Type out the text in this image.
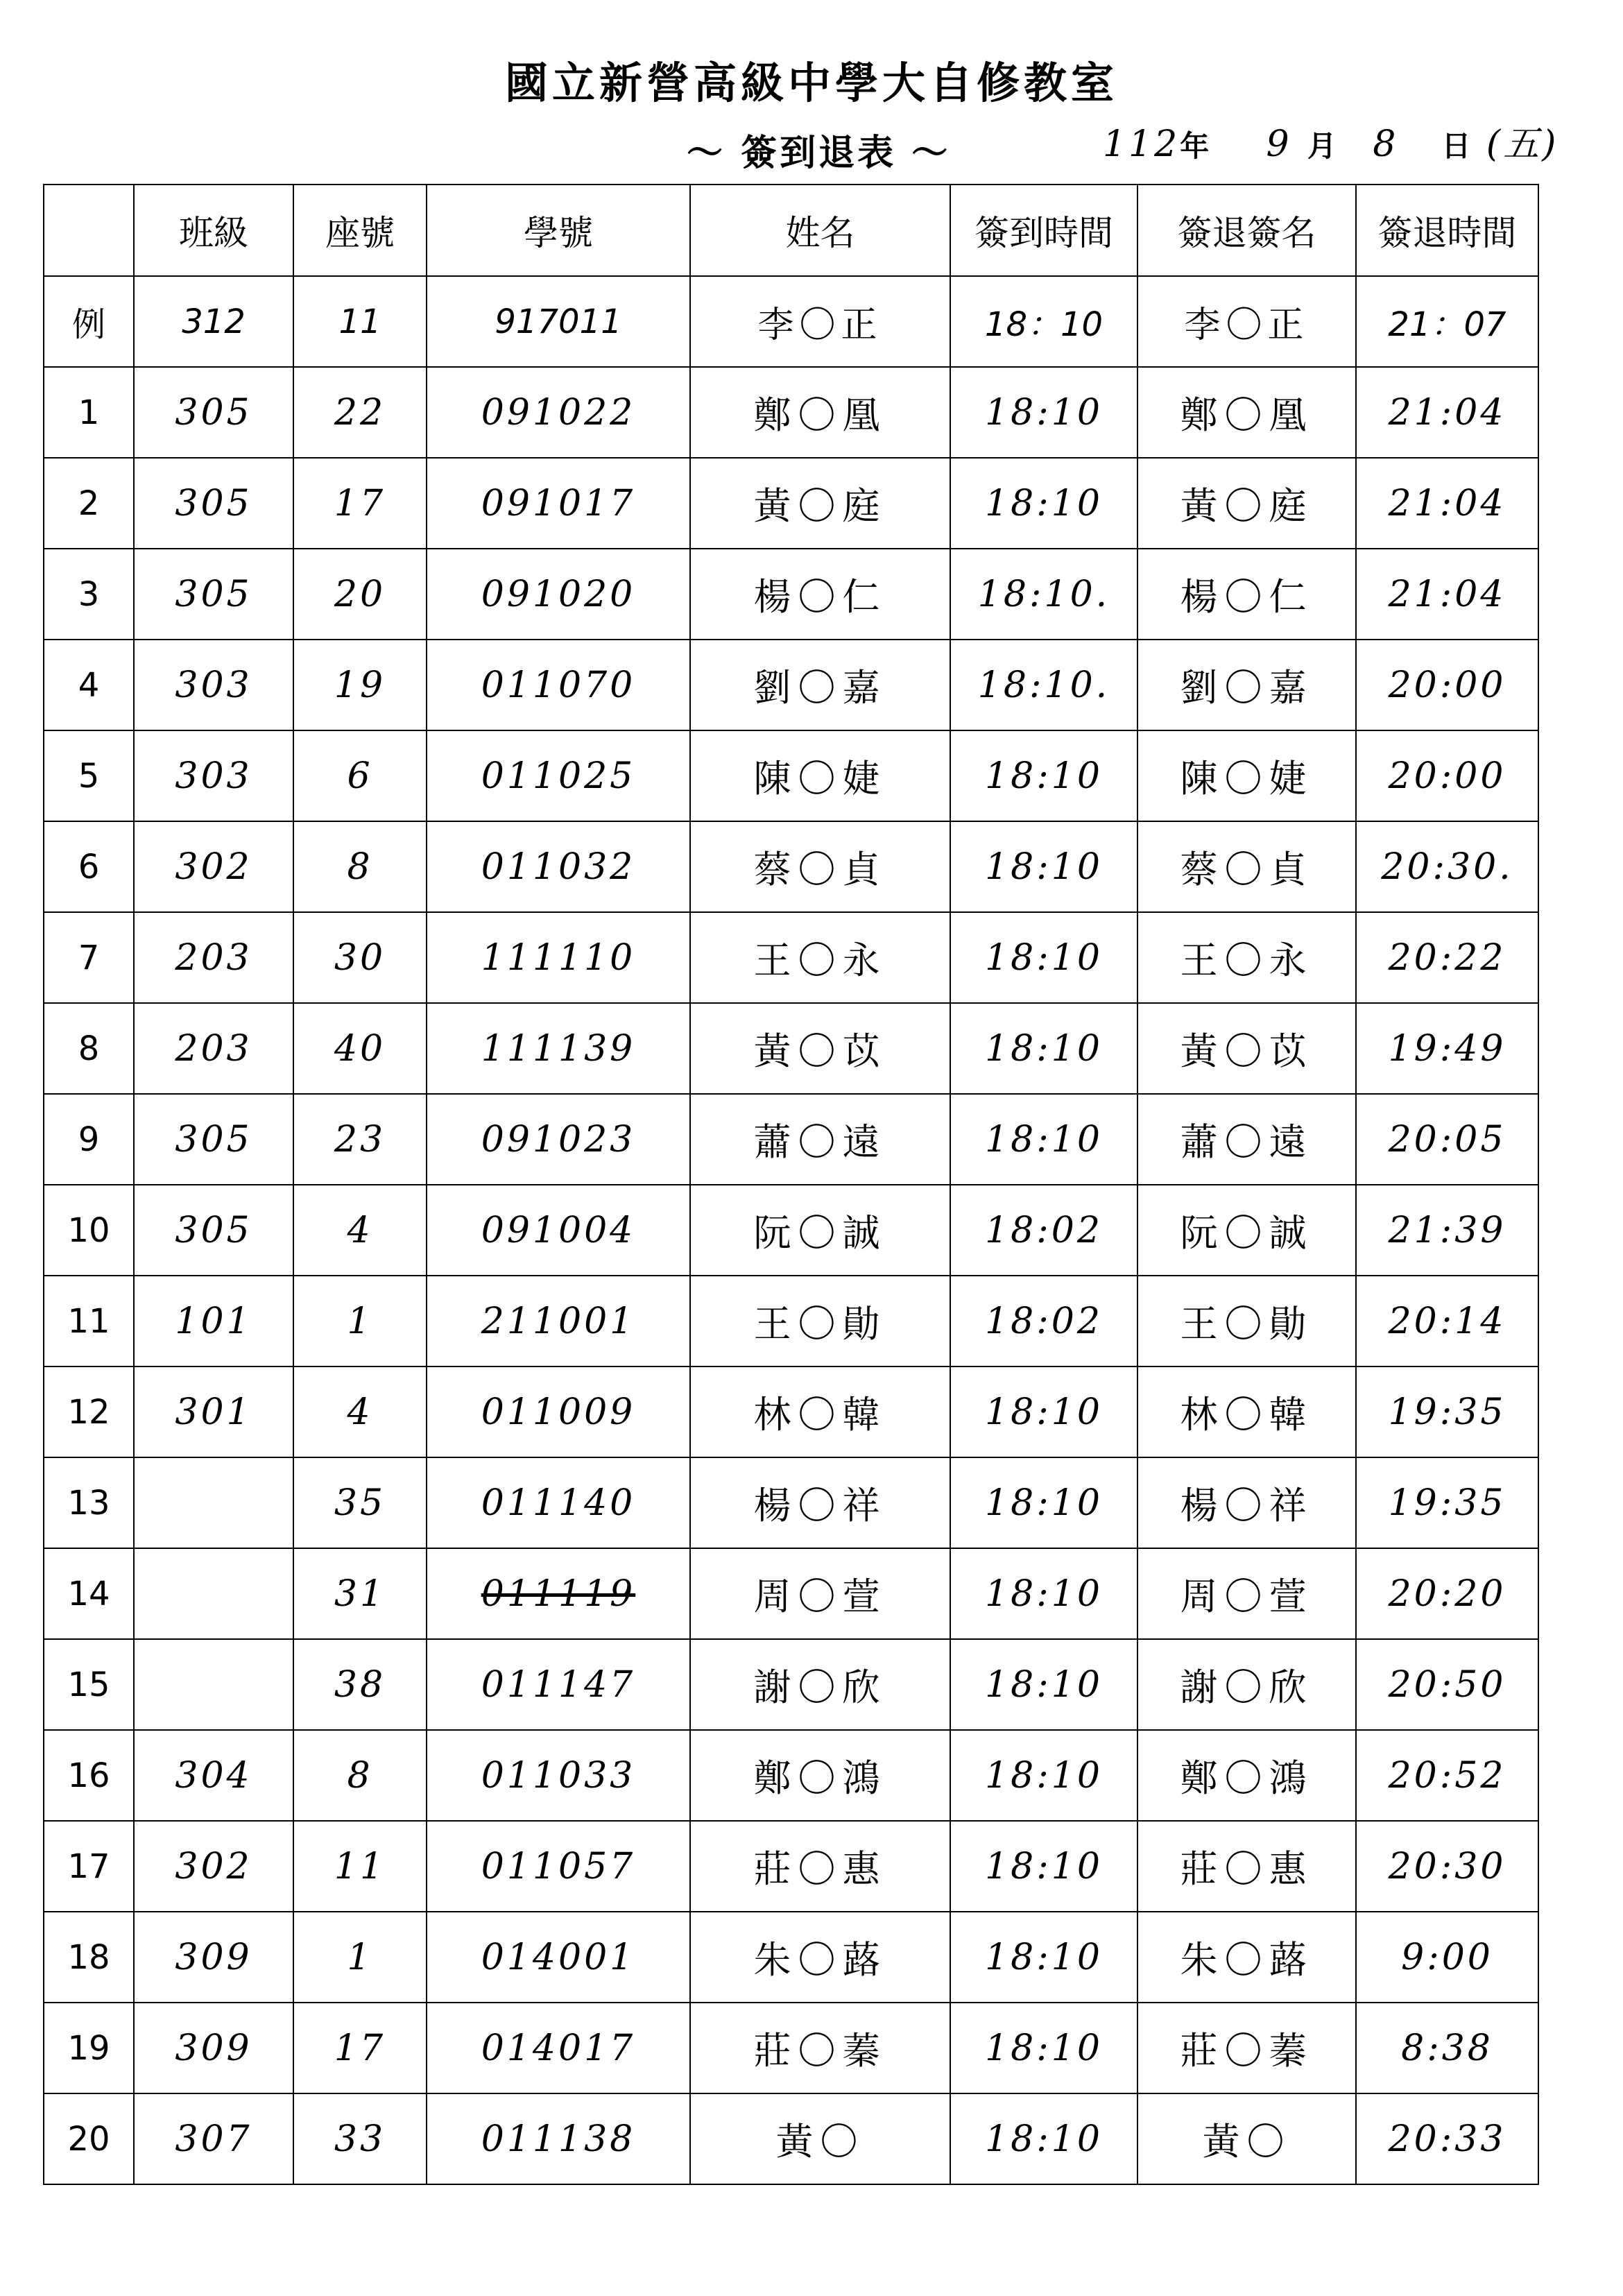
國立新營高級中學大自修教室
～ 簽到退表 ～	112年 9 月 8 日 (五)
	班級	座號	學號	姓名	簽到時間	簽退簽名	簽退時間
例	312	11	917011	李〇正	18：10	李〇正	21：07
1	305	22	091022	鄭〇凰	18:10	鄭〇凰	21:04
2	305	17	091017	黃〇庭	18:10	黃〇庭	21:04
3	305	20	091020	楊〇仁	18:10.	楊〇仁	21:04
4	303	19	011070	劉〇嘉	18:10.	劉〇嘉	20:00
5	303	6	011025	陳〇婕	18:10	陳〇婕	20:00
6	302	8	011032	蔡〇貞	18:10	蔡〇貞	20:30.
7	203	30	111110	王〇永	18:10	王〇永	20:22
8	203	40	111139	黃〇苡	18:10	黃〇苡	19:49
9	305	23	091023	蕭〇遠	18:10	蕭〇遠	20:05
10	305	4	091004	阮〇誠	18:02	阮〇誠	21:39
11	101	1	211001	王〇勛	18:02	王〇勛	20:14
12	301	4	011009	林〇韓	18:10	林〇韓	19:35
13		35	011140	楊〇祥	18:10	楊〇祥	19:35
14		31	011119	周〇萱	18:10	周〇萱	20:20
15		38	011147	謝〇欣	18:10	謝〇欣	20:50
16	304	8	011033	鄭〇鴻	18:10	鄭〇鴻	20:52
17	302	11	011057	莊〇惠	18:10	莊〇惠	20:30
18	309	1	014001	朱〇蕗	18:10	朱〇蕗	9:00
19	309	17	014017	莊〇蓁	18:10	莊〇蓁	8:38
20	307	33	011138	黃〇	18:10	黃〇	20:33
